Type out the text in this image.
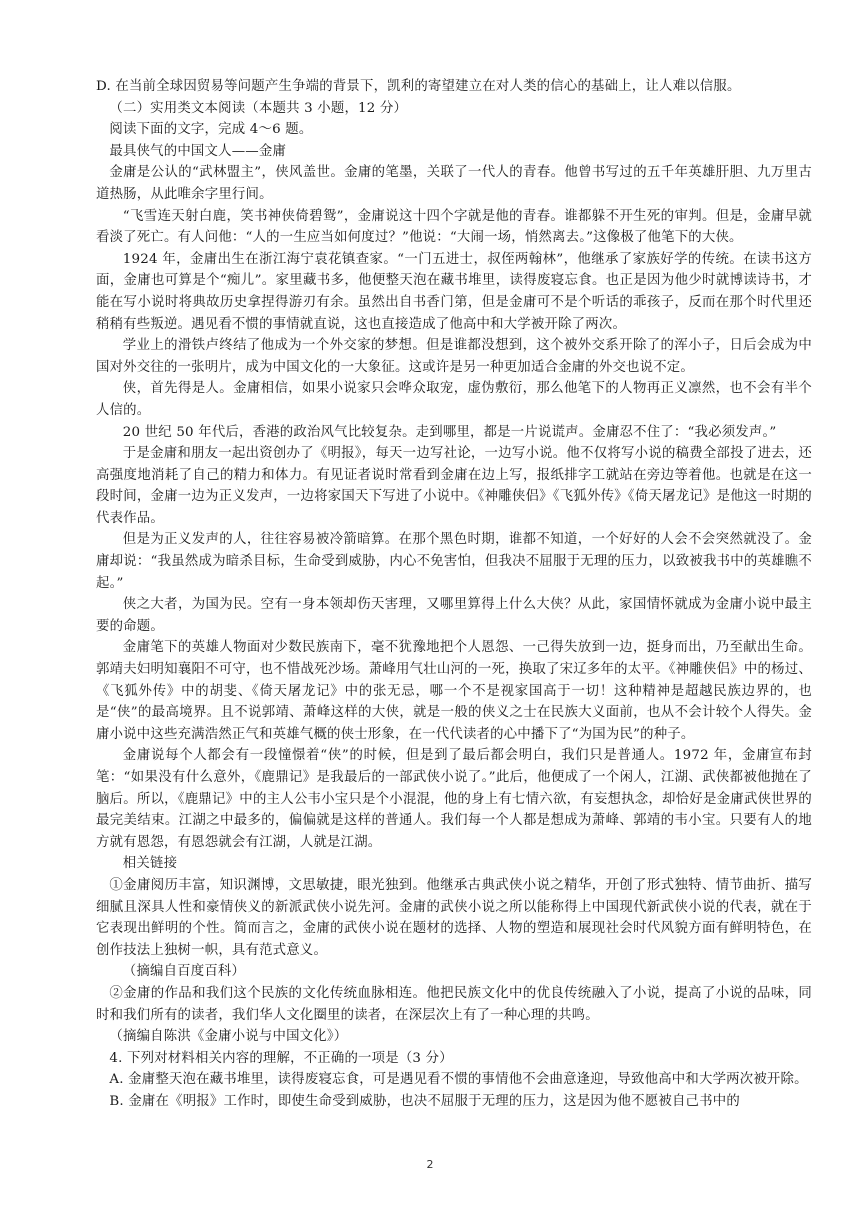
D. 在当前全球因贸易等问题产生争端的背景下，凯利的寄望建立在对人类的信心的基础上，让人难以信服。

（二）实用类文本阅读（本题共 3 小题，12 分）

阅读下面的文字，完成 4～6 题。

最具侠气的中国文人——金庸

金庸是公认的“武林盟主”，侠风盖世。金庸的笔墨，关联了一代人的青春。他曾书写过的五千年英雄肝胆、九万里古道热肠，从此唯余字里行间。

“飞雪连天射白鹿，笑书神侠倚碧鸳”，金庸说这十四个字就是他的青春。谁都躲不开生死的审判。但是，金庸早就看淡了死亡。有人问他：“人的一生应当如何度过？”他说：“大闹一场，悄然离去。”这像极了他笔下的大侠。

1924 年，金庸出生在浙江海宁袁花镇查家。“一门五进士，叔侄两翰林”，他继承了家族好学的传统。在读书这方面，金庸也可算是个“痴儿”。家里藏书多，他便整天泡在藏书堆里，读得废寝忘食。也正是因为他少时就博读诗书，才能在写小说时将典故历史拿捏得游刃有余。虽然出自书香门第，但是金庸可不是个听话的乖孩子，反而在那个时代里还稍稍有些叛逆。遇见看不惯的事情就直说，这也直接造成了他高中和大学被开除了两次。

学业上的滑铁卢终结了他成为一个外交家的梦想。但是谁都没想到，这个被外交系开除了的浑小子，日后会成为中国对外交往的一张明片，成为中国文化的一大象征。这或许是另一种更加适合金庸的外交也说不定。

侠，首先得是人。金庸相信，如果小说家只会哗众取宠，虚伪敷衍，那么他笔下的人物再正义凛然，也不会有半个人信的。

20 世纪 50 年代后，香港的政治风气比较复杂。走到哪里，都是一片说谎声。金庸忍不住了：“我必须发声。”

于是金庸和朋友一起出资创办了《明报》，每天一边写社论，一边写小说。他不仅将写小说的稿费全部投了进去，还高强度地消耗了自己的精力和体力。有见证者说时常看到金庸在边上写，报纸排字工就站在旁边等着他。也就是在这一段时间，金庸一边为正义发声，一边将家国天下写进了小说中。《神雕侠侣》《飞狐外传》《倚天屠龙记》是他这一时期的代表作品。

但是为正义发声的人，往往容易被冷箭暗算。在那个黑色时期，谁都不知道，一个好好的人会不会突然就没了。金庸却说：“我虽然成为暗杀目标，生命受到威胁，内心不免害怕，但我决不屈服于无理的压力，以致被我书中的英雄瞧不起。”

侠之大者，为国为民。空有一身本领却伤天害理，又哪里算得上什么大侠？从此，家国情怀就成为金庸小说中最主要的命题。

金庸笔下的英雄人物面对少数民族南下，毫不犹豫地把个人恩怨、一己得失放到一边，挺身而出，乃至献出生命。郭靖夫妇明知襄阳不可守，也不惜战死沙场。萧峰用气壮山河的一死，换取了宋辽多年的太平。《神雕侠侣》中的杨过、《飞狐外传》中的胡斐、《倚天屠龙记》中的张无忌，哪一个不是视家国高于一切！这种精神是超越民族边界的，也是“侠”的最高境界。且不说郭靖、萧峰这样的大侠，就是一般的侠义之士在民族大义面前，也从不会计较个人得失。金庸小说中这些充满浩然正气和英雄气概的侠士形象，在一代代读者的心中播下了“为国为民”的种子。

金庸说每个人都会有一段憧憬着“侠”的时候，但是到了最后都会明白，我们只是普通人。1972 年，金庸宣布封笔：“如果没有什么意外，《鹿鼎记》是我最后的一部武侠小说了。”此后，他便成了一个闲人，江湖、武侠都被他抛在了脑后。所以，《鹿鼎记》中的主人公韦小宝只是个小混混，他的身上有七情六欲，有妄想执念，却恰好是金庸武侠世界的最完美结束。江湖之中最多的，偏偏就是这样的普通人。我们每一个人都是想成为萧峰、郭靖的韦小宝。只要有人的地方就有恩怨，有恩怨就会有江湖，人就是江湖。

相关链接

①金庸阅历丰富，知识渊博，文思敏捷，眼光独到。他继承古典武侠小说之精华，开创了形式独特、情节曲折、描写细腻且深具人性和豪情侠义的新派武侠小说先河。金庸的武侠小说之所以能称得上中国现代新武侠小说的代表，就在于它表现出鲜明的个性。简而言之，金庸的武侠小说在题材的选择、人物的塑造和展现社会时代风貌方面有鲜明特色，在创作技法上独树一帜，具有范式意义。

（摘编自百度百科）

②金庸的作品和我们这个民族的文化传统血脉相连。他把民族文化中的优良传统融入了小说，提高了小说的品味，同时和我们所有的读者，我们华人文化圈里的读者，在深层次上有了一种心理的共鸣。

（摘编自陈洪《金庸小说与中国文化》）

4. 下列对材料相关内容的理解，不正确的一项是（3 分）

A. 金庸整天泡在藏书堆里，读得废寝忘食，可是遇见看不惯的事情他不会曲意逢迎，导致他高中和大学两次被开除。

B. 金庸在《明报》工作时，即使生命受到威胁，也决不屈服于无理的压力，这是因为他不愿被自己书中的

2
